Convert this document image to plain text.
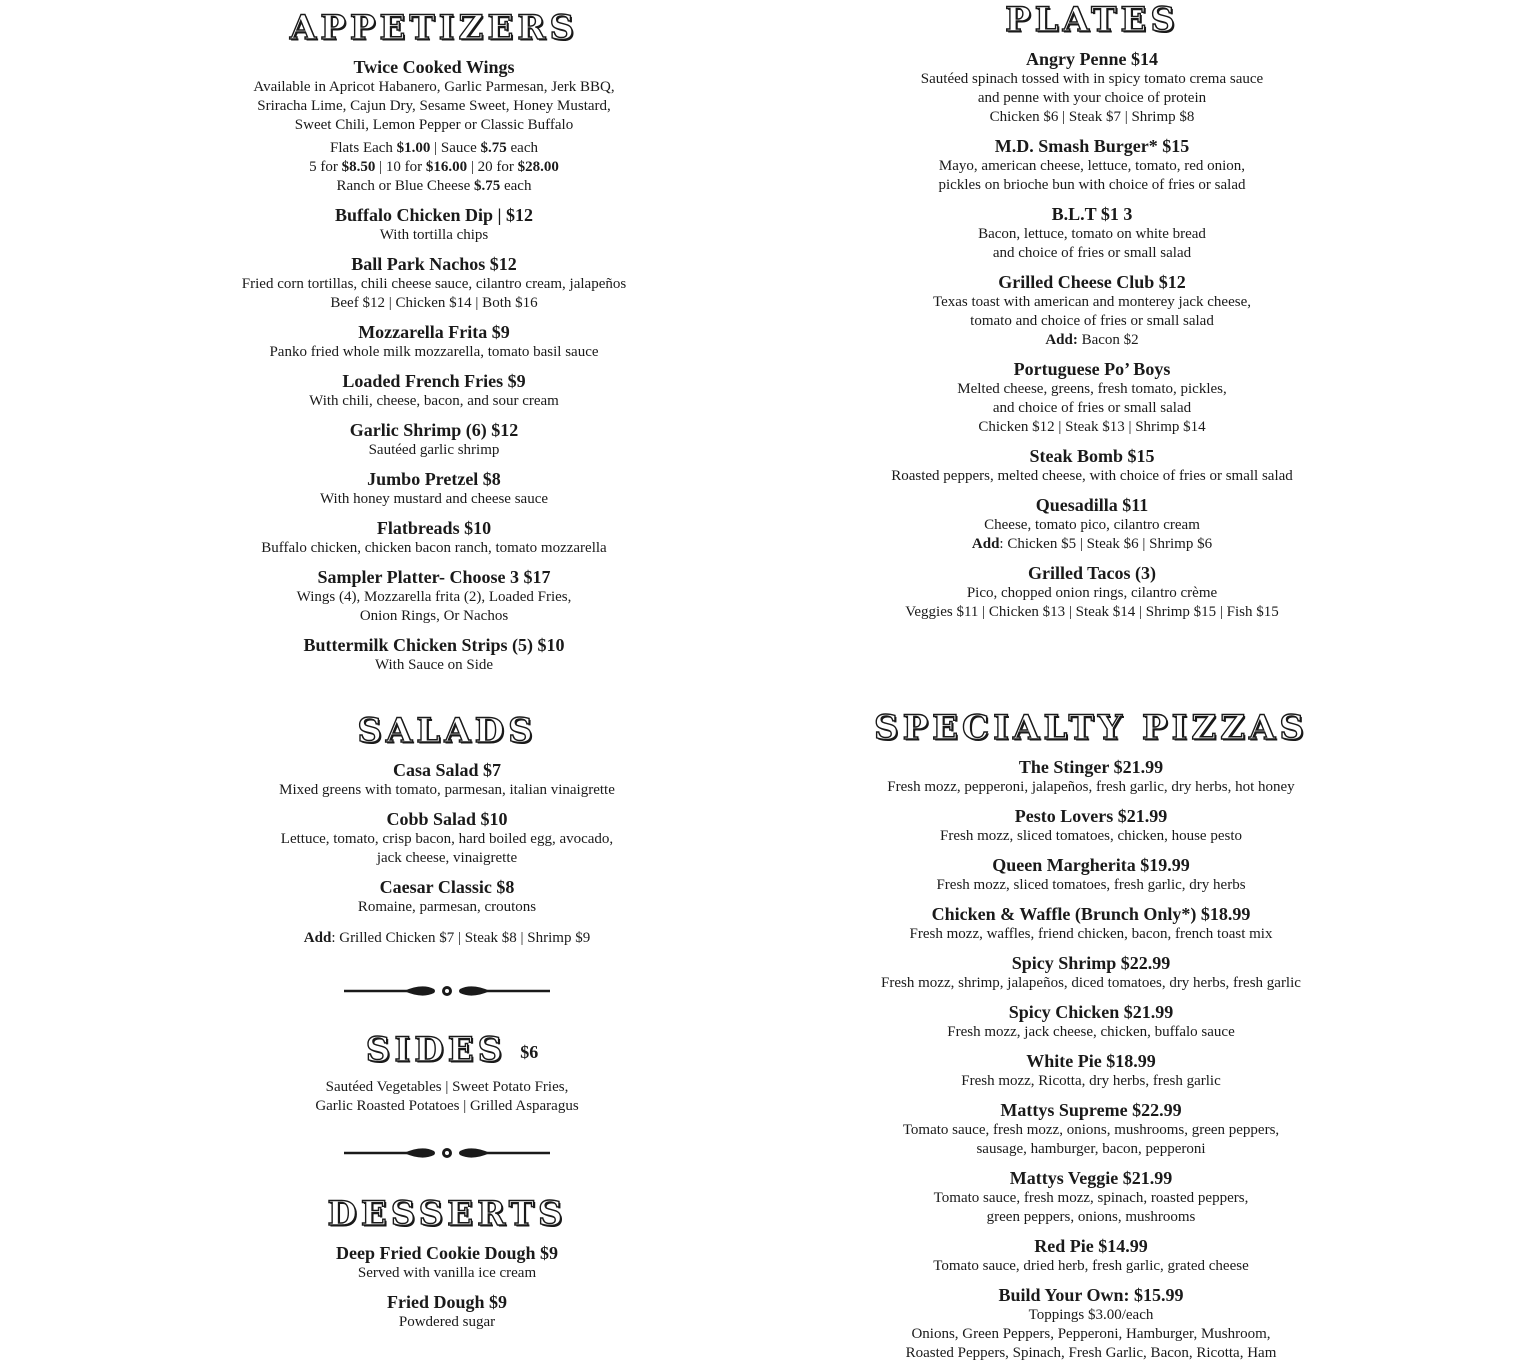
APPETIZERS
Twice Cooked Wings
Available in Apricot Habanero, Garlic Parmesan, Jerk BBQ,
Sriracha Lime, Cajun Dry, Sesame Sweet, Honey Mustard,
Sweet Chili, Lemon Pepper or Classic Buffalo
Flats Each $1.00 | Sauce $.75 each
5 for $8.50 | 10 for $16.00 | 20 for $28.00
Ranch or Blue Cheese $.75 each
Buffalo Chicken Dip | $12
With tortilla chips
Ball Park Nachos $12
Fried corn tortillas, chili cheese sauce, cilantro cream, jalapeños
Beef $12 | Chicken $14 | Both $16
Mozzarella Frita $9
Panko fried whole milk mozzarella, tomato basil sauce
Loaded French Fries $9
With chili, cheese, bacon, and sour cream
Garlic Shrimp (6) $12
Sautéed garlic shrimp
Jumbo Pretzel $8
With honey mustard and cheese sauce
Flatbreads $10
Buffalo chicken, chicken bacon ranch, tomato mozzarella
Sampler Platter- Choose 3 $17
Wings (4), Mozzarella frita (2), Loaded Fries,
Onion Rings, Or Nachos
Buttermilk Chicken Strips (5) $10
With Sauce on Side
PLATES
Angry Penne $14
Sautéed spinach tossed with in spicy tomato crema sauce
and penne with your choice of protein
Chicken $6 | Steak $7 | Shrimp $8
M.D. Smash Burger* $15
Mayo, american cheese, lettuce, tomato, red onion,
pickles on brioche bun with choice of fries or salad
B.L.T $1 3
Bacon, lettuce, tomato on white bread
and choice of fries or small salad
Grilled Cheese Club $12
Texas toast with american and monterey jack cheese,
tomato and choice of fries or small salad
Add: Bacon $2
Portuguese Po’ Boys
Melted cheese, greens, fresh tomato, pickles,
and choice of fries or small salad
Chicken $12 | Steak $13 | Shrimp $14
Steak Bomb $15
Roasted peppers, melted cheese, with choice of fries or small salad
Quesadilla $11
Cheese, tomato pico, cilantro cream
Add: Chicken $5 | Steak $6 | Shrimp $6
Grilled Tacos (3)
Pico, chopped onion rings, cilantro crème
Veggies $11 | Chicken $13 | Steak $14 | Shrimp $15 | Fish $15
SALADS
Casa Salad $7
Mixed greens with tomato, parmesan, italian vinaigrette
Cobb Salad $10
Lettuce, tomato, crisp bacon, hard boiled egg, avocado,
jack cheese, vinaigrette
Caesar Classic $8
Romaine, parmesan, croutons
Add: Grilled Chicken $7 | Steak $8 | Shrimp $9
SIDES $6
Sautéed Vegetables | Sweet Potato Fries,
Garlic Roasted Potatoes | Grilled Asparagus
DESSERTS
Deep Fried Cookie Dough $9
Served with vanilla ice cream
Fried Dough $9
Powdered sugar
SPECIALTY PIZZAS
The Stinger $21.99
Fresh mozz, pepperoni, jalapeños, fresh garlic, dry herbs, hot honey
Pesto Lovers $21.99
Fresh mozz, sliced tomatoes, chicken, house pesto
Queen Margherita $19.99
Fresh mozz, sliced tomatoes, fresh garlic, dry herbs
Chicken & Waffle (Brunch Only*) $18.99
Fresh mozz, waffles, friend chicken, bacon, french toast mix
Spicy Shrimp $22.99
Fresh mozz, shrimp, jalapeños, diced tomatoes, dry herbs, fresh garlic
Spicy Chicken $21.99
Fresh mozz, jack cheese, chicken, buffalo sauce
White Pie $18.99
Fresh mozz, Ricotta, dry herbs, fresh garlic
Mattys Supreme $22.99
Tomato sauce, fresh mozz, onions, mushrooms, green peppers,
sausage, hamburger, bacon, pepperoni
Mattys Veggie $21.99
Tomato sauce, fresh mozz, spinach, roasted peppers,
green peppers, onions, mushrooms
Red Pie $14.99
Tomato sauce, dried herb, fresh garlic, grated cheese
Build Your Own: $15.99
Toppings $3.00/each
Onions, Green Peppers, Pepperoni, Hamburger, Mushroom,
Roasted Peppers, Spinach, Fresh Garlic, Bacon, Ricotta, Ham
